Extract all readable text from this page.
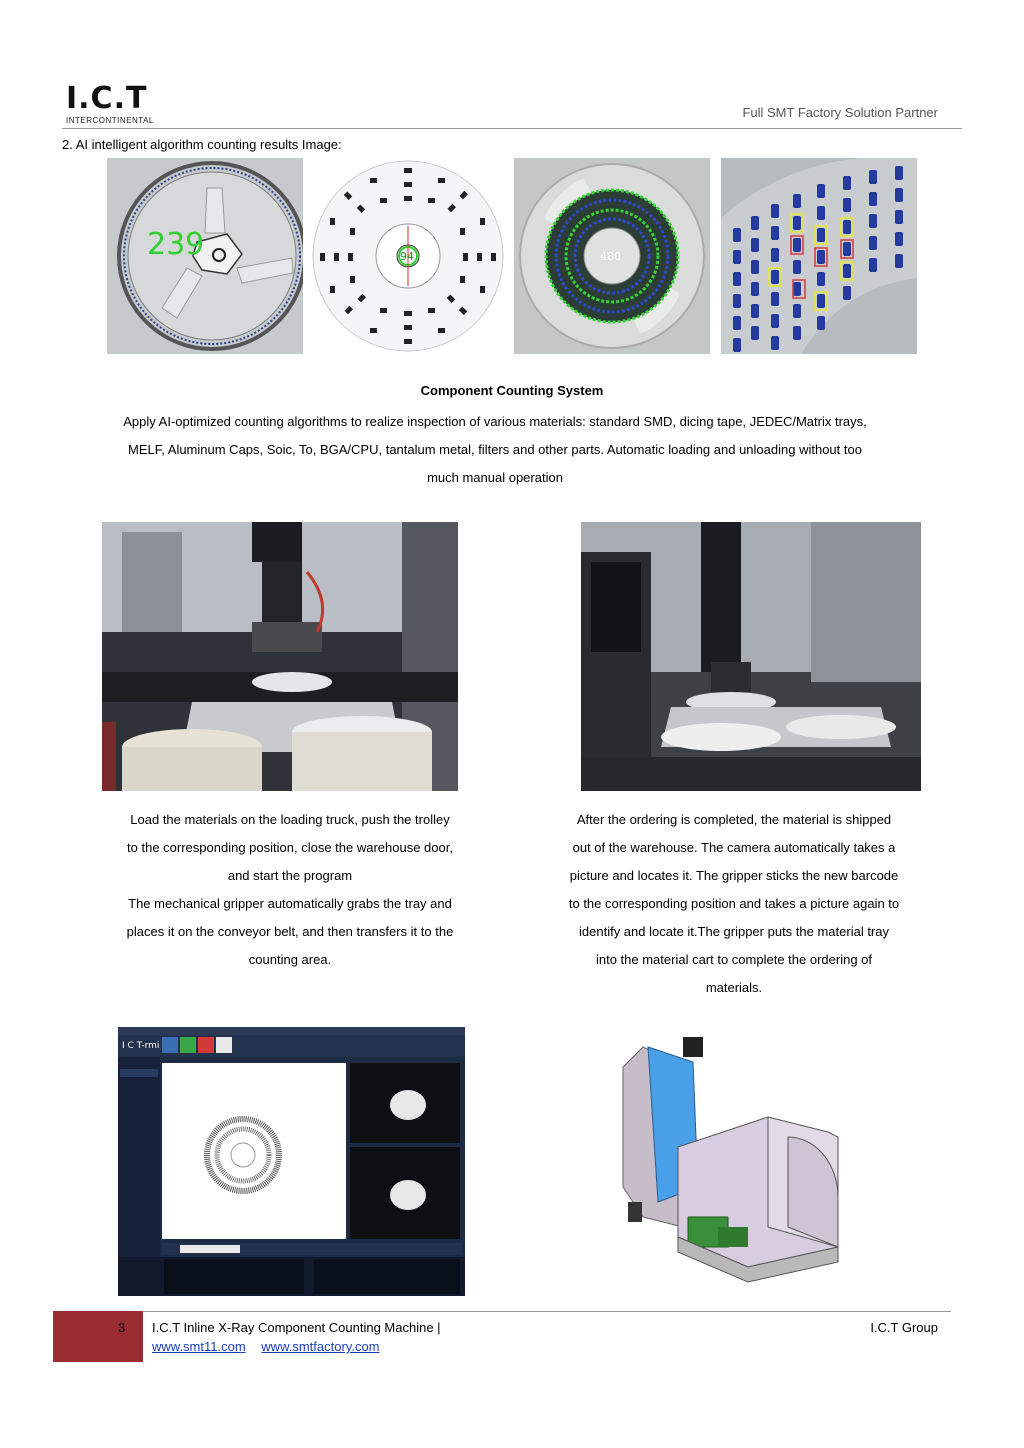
I.C.T
INTERCONTINENTAL
Full SMT Factory Solution Partner
2. AI intelligent algorithm counting results Image:
239	94	480
Component Counting System

Apply AI-optimized counting algorithms to realize inspection of various materials: standard SMD, dicing tape, JEDEC/Matrix trays,

MELF, Aluminum Caps, Soic, To, BGA/CPU, tantalum metal, filters and other parts. Automatic loading and unloading without too

much manual operation

Load the materials on the loading truck, push the trolley

to the corresponding position, close the warehouse door,

and start the program

The mechanical gripper automatically grabs the tray and

places it on the conveyor belt, and then transfers it to the

counting area.

After the ordering is completed, the material is shipped

out of the warehouse. The camera automatically takes a

picture and locates it. The gripper sticks the new barcode

to the corresponding position and takes a picture again to

identify and locate it.The gripper puts the material tray

into the material cart to complete the ordering of

materials.

I C T-rmi
3 I.C.T Inline X-Ray Component Counting Machine |	I.C.T Group
www.smt11.com www.smtfactory.com
